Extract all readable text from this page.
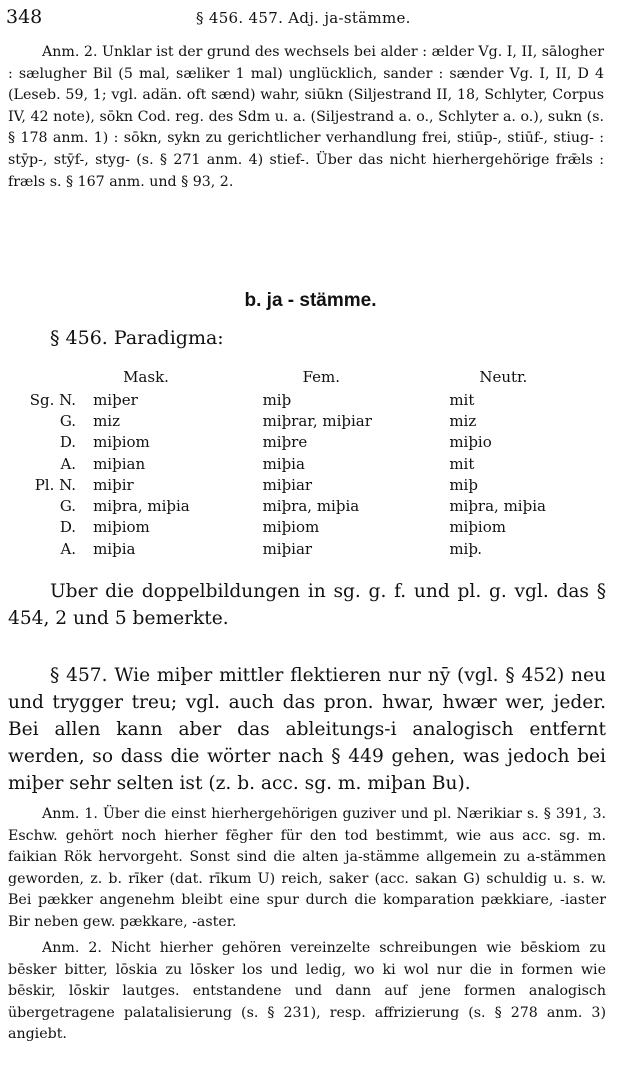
348	§ 456. 457. Adj. ja-stämme.

Anm. 2. Unklar ist der grund des wechsels bei alder : ælder Vg. I, II, sālogher : sælugher Bil (5 mal, sæliker 1 mal) unglücklich, sander : sænder Vg. I, II, D 4 (Leseb. 59, 1; vgl. adän. oft sænd) wahr, siūkn (Siljestrand II, 18, Schlyter, Corpus IV, 42 note), sōkn Cod. reg. des Sdm u. a. (Siljestrand a. o., Schlyter a. o.), sukn (s. § 178 anm. 1) : sōkn, sykn zu gerichtlicher verhandlung frei, stiūp-, stiūf-, stiug- : stȳp-, stȳf-, styg- (s. § 271 anm. 4) stief-. Über das nicht hierhergehörige frǣls : fræls s. § 167 anm. und § 93, 2.

b. ja - stämme.
§ 456. Paradigma:
	Mask.	Fem.	Neutr.
Sg. N.	miþer	miþ	mit
G.	miz	miþrar, miþiar	miz
D.	miþiom	miþre	miþio
A.	miþian	miþia	mit
Pl. N.	miþir	miþiar	miþ
G.	miþra, miþia	miþra, miþia	miþra, miþia
D.	miþiom	miþiom	miþiom
A.	miþia	miþiar	miþ.

Uber die doppelbildungen in sg. g. f. und pl. g. vgl. das § 454, 2 und 5 bemerkte.

§ 457. Wie miþer mittler flektieren nur nȳ (vgl. § 452) neu und trygger treu; vgl. auch das pron. hwar, hwær wer, jeder. Bei allen kann aber das ableitungs-i analogisch entfernt werden, so dass die wörter nach § 449 gehen, was jedoch bei miþer sehr selten ist (z. b. acc. sg. m. miþan Bu).

Anm. 1. Über die einst hierhergehörigen guziver und pl. Nærikiar s. § 391, 3. Eschw. gehört noch hierher fēgher für den tod bestimmt, wie aus acc. sg. m. faikian Rök hervorgeht. Sonst sind die alten ja-stämme allgemein zu a-stämmen geworden, z. b. rīker (dat. rīkum U) reich, saker (acc. sakan G) schuldig u. s. w. Bei pækker angenehm bleibt eine spur durch die komparation pækkiare, -iaster Bir neben gew. pækkare, -aster.

Anm. 2. Nicht hierher gehören vereinzelte schreibungen wie bēskiom zu bēsker bitter, lōskia zu lōsker los und ledig, wo ki wol nur die in formen wie bēskir, lōskir lautges. entstandene und dann auf jene formen analogisch übergetragene palatalisierung (s. § 231), resp. affrizierung (s. § 278 anm. 3) angiebt.
